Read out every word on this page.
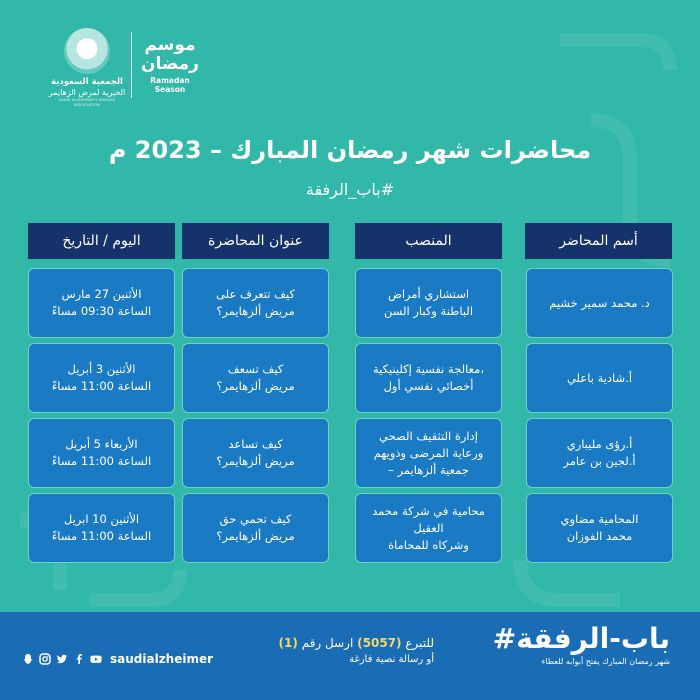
الجمعية السعودية
الخيرية لمرض الزهايمر
SAUDI ALZHEIMER'S DISEASE ASSOCIATION
موسم رمضان
Ramadan Season
محاضرات شهر رمضان المبارك – 2023 م
#باب_الرفقة
أسم المحاضر
المنصب
عنوان المحاضرة
اليوم / التاريخ
د. محمد سمير خشيم
استشاري أمراض
الباطنة وكبار السن
كيف تتعرف على
مريض ألزهايمر؟
الأثنين 27 مارس
الساعة 09:30 مساءً
أ.شادية باعلي
معالجة نفسية إكلينيكية،
أخصائي نفسي أول
كيف تسعف
مريض ألزهايمر؟
الأثنين 3 أبريل
الساعة 11:00 مساءً
أ.رؤى مليباري
أ.لجين بن عامر
إدارة التثقيف الصحي
ورعاية المرضى وذويهم
– جمعية ألزهايمر
كيف تساعد
مريض ألزهايمر؟
الأربعاء 5 أبريل
الساعة 11:00 مساءً
المحامية مضاوي
محمد الفوزان
محامية في شركة محمد العقيل
وشركاه للمحاماة
كيف تحمي حق
مريض ألزهايمر؟
الأثنين 10 ابريل
الساعة 11:00 مساءً
#باب-الرفقة
شهر رمضان المبارك يفتح أبوابه للعطاء
للتبرع (5057) ارسل رقم (1)
أو رسالة نصية فارغة
saudialzheimer
